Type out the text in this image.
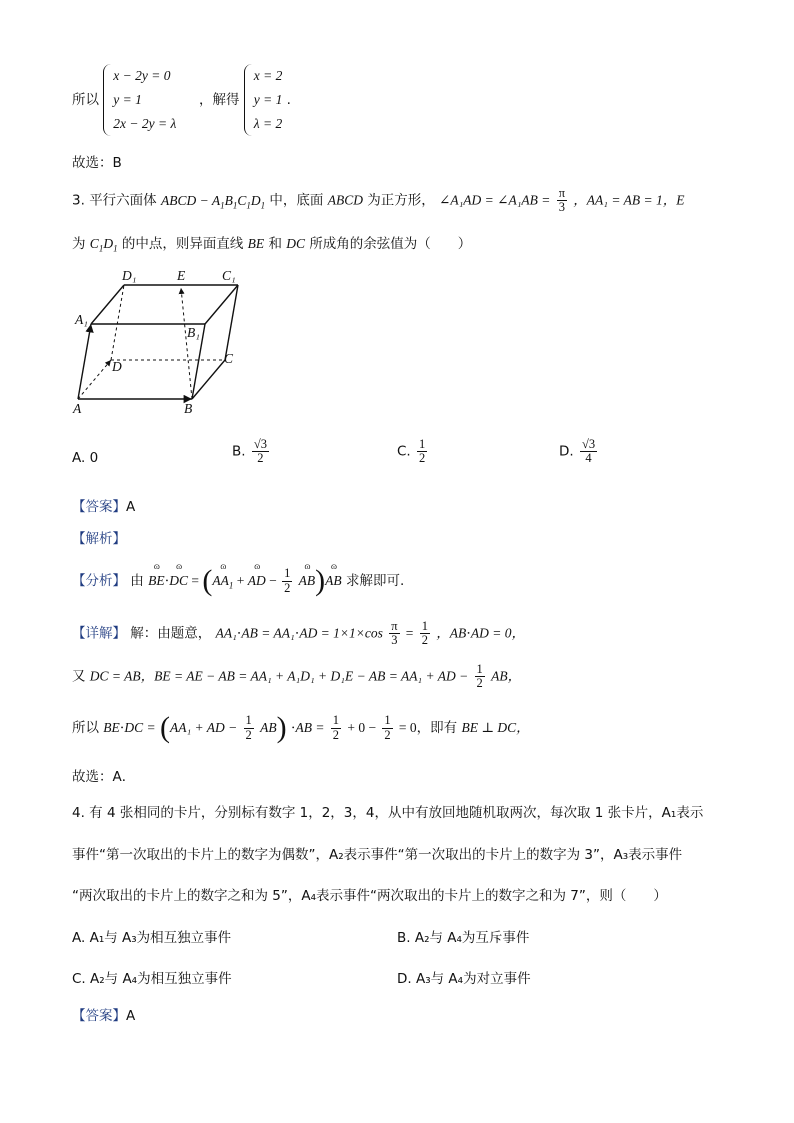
所以
x − 2y = 0
y = 1
2x − 2y = λ
，解得
x = 2
y = 1
λ = 2
.
故选：B
3. 平行六面体 ABCD − $A_1B_1C_1D_1$ 中，底面 ABCD 为正方形， ∠A₁AD = ∠A₁AB = $\frac{\pi}{3}$ ，AA₁ = AB = 1，E
为 $C_1D_1$ 的中点，则异面直线 BE 和 DC 所成角的余弦值为（　　）
D₁	E	C₁
A₁
B₁
D
C
A	B
A. 0	B. $\frac{√3}{2}$	C. $\frac{1}{2}$	D. $\frac{√3}{4}$
【答案】A
【解析】
【分析】 由 ɷ BE⋅ɷ DC = (ɷ $AA_1$ + ɷ AD − $\frac{1}{2}$ ɷ AB)ɷ AB 求解即可.
【详解】 解：由题意， $AA_1\cdot AB = AA_1\cdot AD = 1\times 1\times\cos \frac{\pi}{3} = \frac{1}{2}$ ，AB⋅AD = 0，
又 DC = AB，BE = AE − AB = AA₁ + A₁D₁ + D₁E − AB = AA₁ + AD − $\frac{1}{2}$ AB，
所以 BE⋅DC = (AA₁ + AD − $\frac{1}{2} AB) \cdot AB = \frac{1}{2} + 0 - \frac{1}{2} = 0$，即有 BE ⊥ DC，
故选：A．
4. 有 4 张相同的卡片，分别标有数字 1，2，3，4，从中有放回地随机取两次，每次取 1 张卡片，A₁表示
事件“第一次取出的卡片上的数字为偶数”，A₂表示事件“第一次取出的卡片上的数字为 3”，A₃表示事件
“两次取出的卡片上的数字之和为 5”，A₄表示事件“两次取出的卡片上的数字之和为 7”，则（　　）
A. A₁与 A₃为相互独立事件	B. A₂与 A₄为互斥事件
C. A₂与 A₄为相互独立事件	D. A₃与 A₄为对立事件
【答案】A
